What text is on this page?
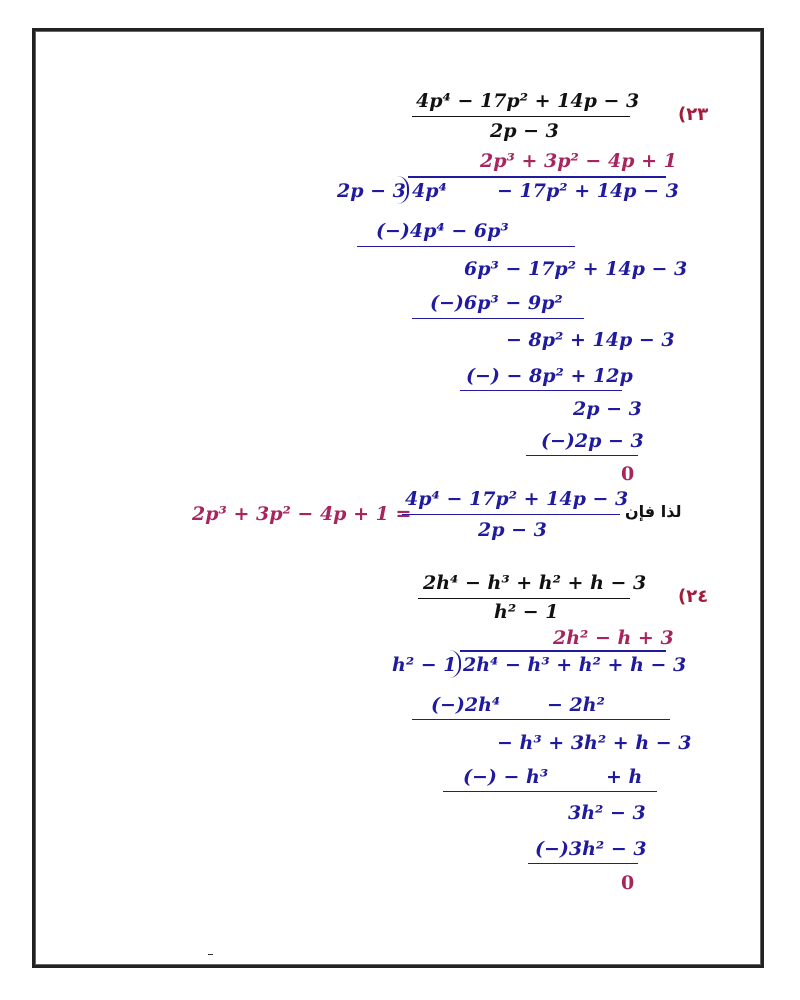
(٢٣
4p⁴ − 17p² + 14p − 3
2p − 3
2p³ + 3p² − 4p + 1
2p − 3 4p⁴	− 17p² + 14p − 3
(−)4p⁴ − 6p³
6p³ − 17p² + 14p − 3
(−)6p³ − 9p²
− 8p² + 14p − 3
(−) − 8p² + 12p
2p − 3
(−)2p − 3
0
2p³ + 3p² − 4p + 1 =
4p⁴ − 17p² + 14p − 3
2p − 3
لذا فإن
(٢٤
2h⁴ − h³ + h² + h − 3
h² − 1
2h² − h + 3
h² − 1 2h⁴ − h³ + h² + h − 3
(−)2h⁴ − 2h²
− h³ + 3h² + h − 3
(−) − h³	+ h
3h² − 3
(−)3h² − 3
0
